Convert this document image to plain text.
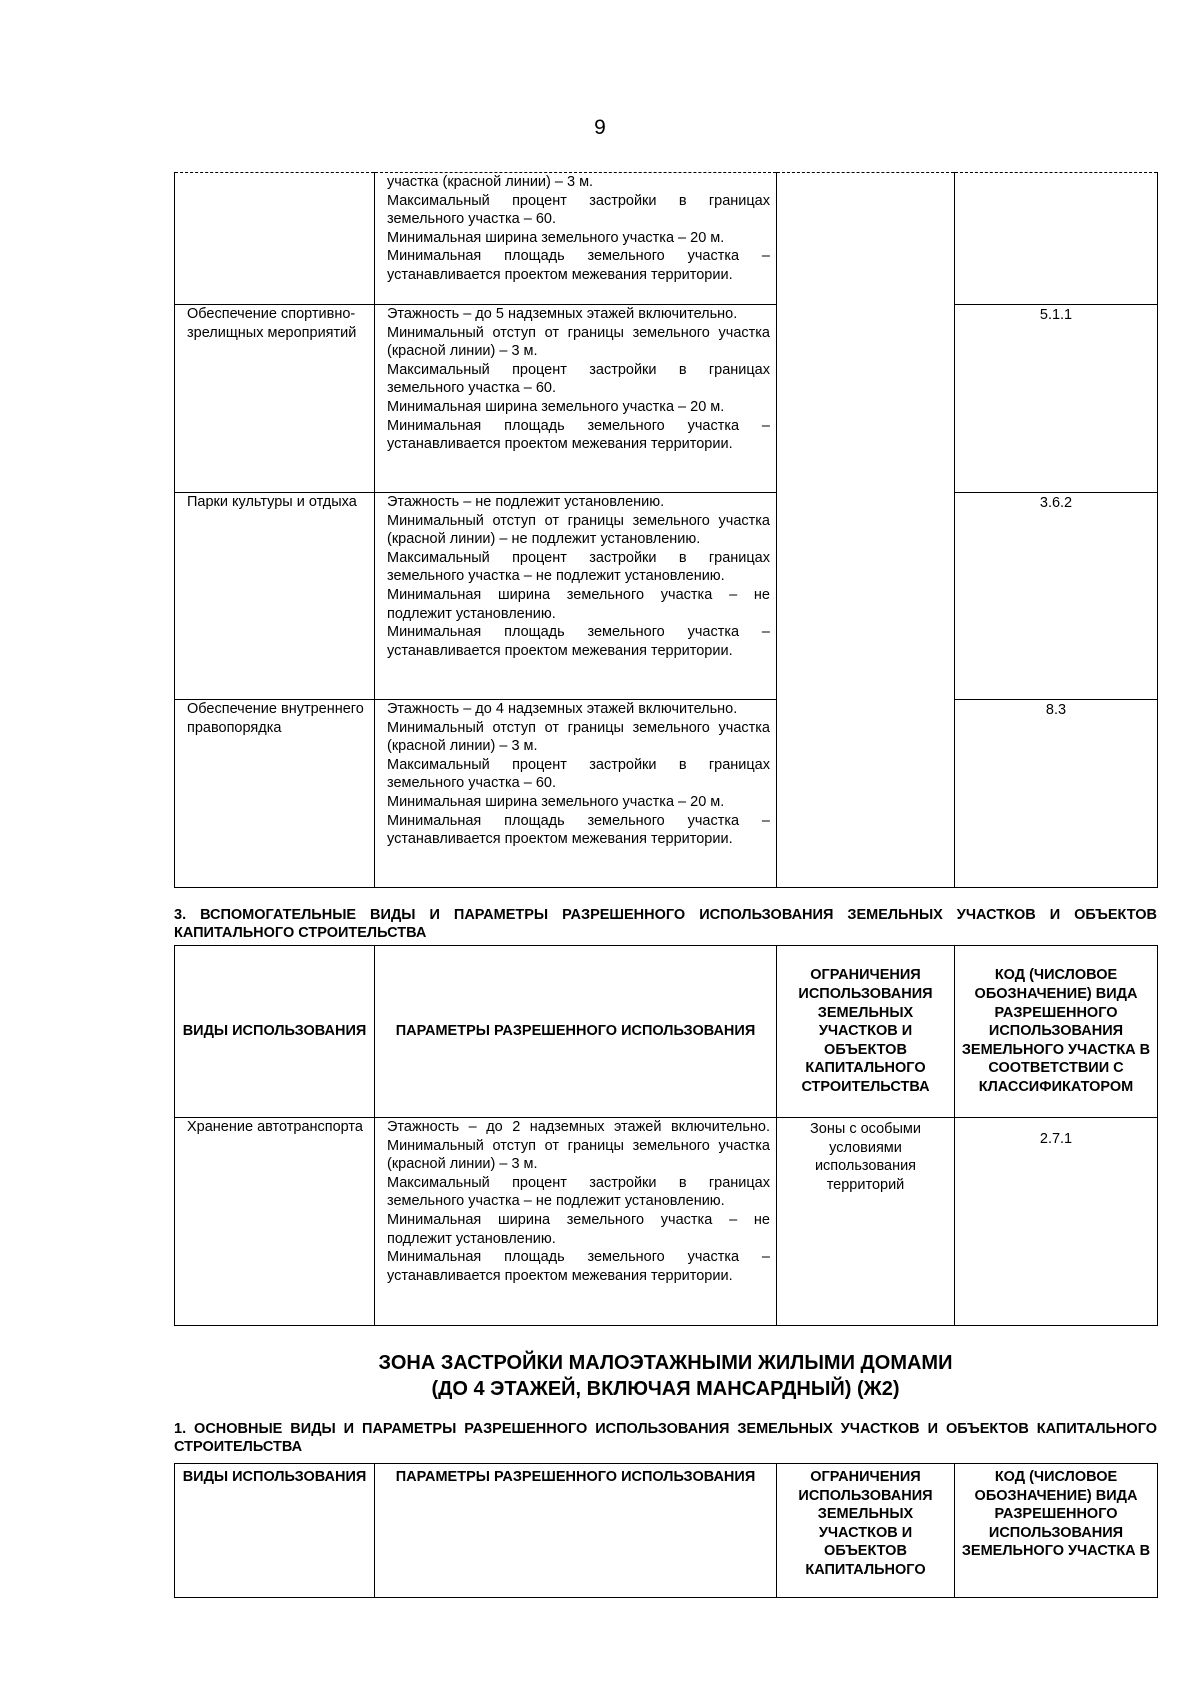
9

	участка (красной линии) – 3 м.

Максимальный процент застройки в границах земельного участка – 60.

Минимальная ширина земельного участка – 20 м.

Минимальная площадь земельного участка – устанавливается проектом межевания территории.		

Обеспечение спортивно-зрелищных мероприятий	Этажность – до 5 надземных этажей включительно.

Минимальный отступ от границы земельного участка (красной линии) – 3 м.

Максимальный процент застройки в границах земельного участка – 60.

Минимальная ширина земельного участка – 20 м.

Минимальная площадь земельного участка – устанавливается проектом межевания территории.		5.1.1
Парки культуры и отдыха	Этажность – не подлежит установлению.

Минимальный отступ от границы земельного участка (красной линии) – не подлежит установлению.

Максимальный процент застройки в границах земельного участка – не подлежит установлению.

Минимальная ширина земельного участка – не подлежит установлению.

Минимальная площадь земельного участка – устанавливается проектом межевания территории.		3.6.2
Обеспечение внутреннего правопорядка	Этажность – до 4 надземных этажей включительно.

Минимальный отступ от границы земельного участка (красной линии) – 3 м.

Максимальный процент застройки в границах земельного участка – 60.

Минимальная ширина земельного участка – 20 м.

Минимальная площадь земельного участка – устанавливается проектом межевания территории.		8.3

3. ВСПОМОГАТЕЛЬНЫЕ ВИДЫ И ПАРАМЕТРЫ РАЗРЕШЕННОГО ИСПОЛЬЗОВАНИЯ ЗЕМЕЛЬНЫХ УЧАСТКОВ И ОБЪЕКТОВ КАПИТАЛЬНОГО СТРОИТЕЛЬСТВА

ВИДЫ ИСПОЛЬЗОВАНИЯ	ПАРАМЕТРЫ РАЗРЕШЕННОГО ИСПОЛЬЗОВАНИЯ	ОГРАНИЧЕНИЯ ИСПОЛЬЗОВАНИЯ ЗЕМЕЛЬНЫХ УЧАСТКОВ И ОБЪЕКТОВ КАПИТАЛЬНОГО СТРОИТЕЛЬСТВА	КОД (ЧИСЛОВОЕ ОБОЗНАЧЕНИЕ) ВИДА РАЗРЕШЕННОГО ИСПОЛЬЗОВАНИЯ ЗЕМЕЛЬНОГО УЧАСТКА В СООТВЕТСТВИИ С КЛАССИФИКАТОРОМ
Хранение автотранспорта	Этажность – до 2 надземных этажей включительно.

Минимальный отступ от границы земельного участка (красной линии) – 3 м.

Максимальный процент застройки в границах земельного участка – не подлежит установлению.

Минимальная ширина земельного участка – не подлежит установлению.

Минимальная площадь земельного участка – устанавливается проектом межевания территории.	Зоны с особыми условиями использования территорий	2.7.1
ЗОНА ЗАСТРОЙКИ МАЛОЭТАЖНЫМИ ЖИЛЫМИ ДОМАМИ
(ДО 4 ЭТАЖЕЙ, ВКЛЮЧАЯ МАНСАРДНЫЙ) (Ж2)

1. ОСНОВНЫЕ ВИДЫ И ПАРАМЕТРЫ РАЗРЕШЕННОГО ИСПОЛЬЗОВАНИЯ ЗЕМЕЛЬНЫХ УЧАСТКОВ И ОБЪЕКТОВ КАПИТАЛЬНОГО СТРОИТЕЛЬСТВА

ВИДЫ ИСПОЛЬЗОВАНИЯ	ПАРАМЕТРЫ РАЗРЕШЕННОГО ИСПОЛЬЗОВАНИЯ	ОГРАНИЧЕНИЯ ИСПОЛЬЗОВАНИЯ ЗЕМЕЛЬНЫХ УЧАСТКОВ И ОБЪЕКТОВ КАПИТАЛЬНОГО	КОД (ЧИСЛОВОЕ ОБОЗНАЧЕНИЕ) ВИДА РАЗРЕШЕННОГО ИСПОЛЬЗОВАНИЯ ЗЕМЕЛЬНОГО УЧАСТКА В
